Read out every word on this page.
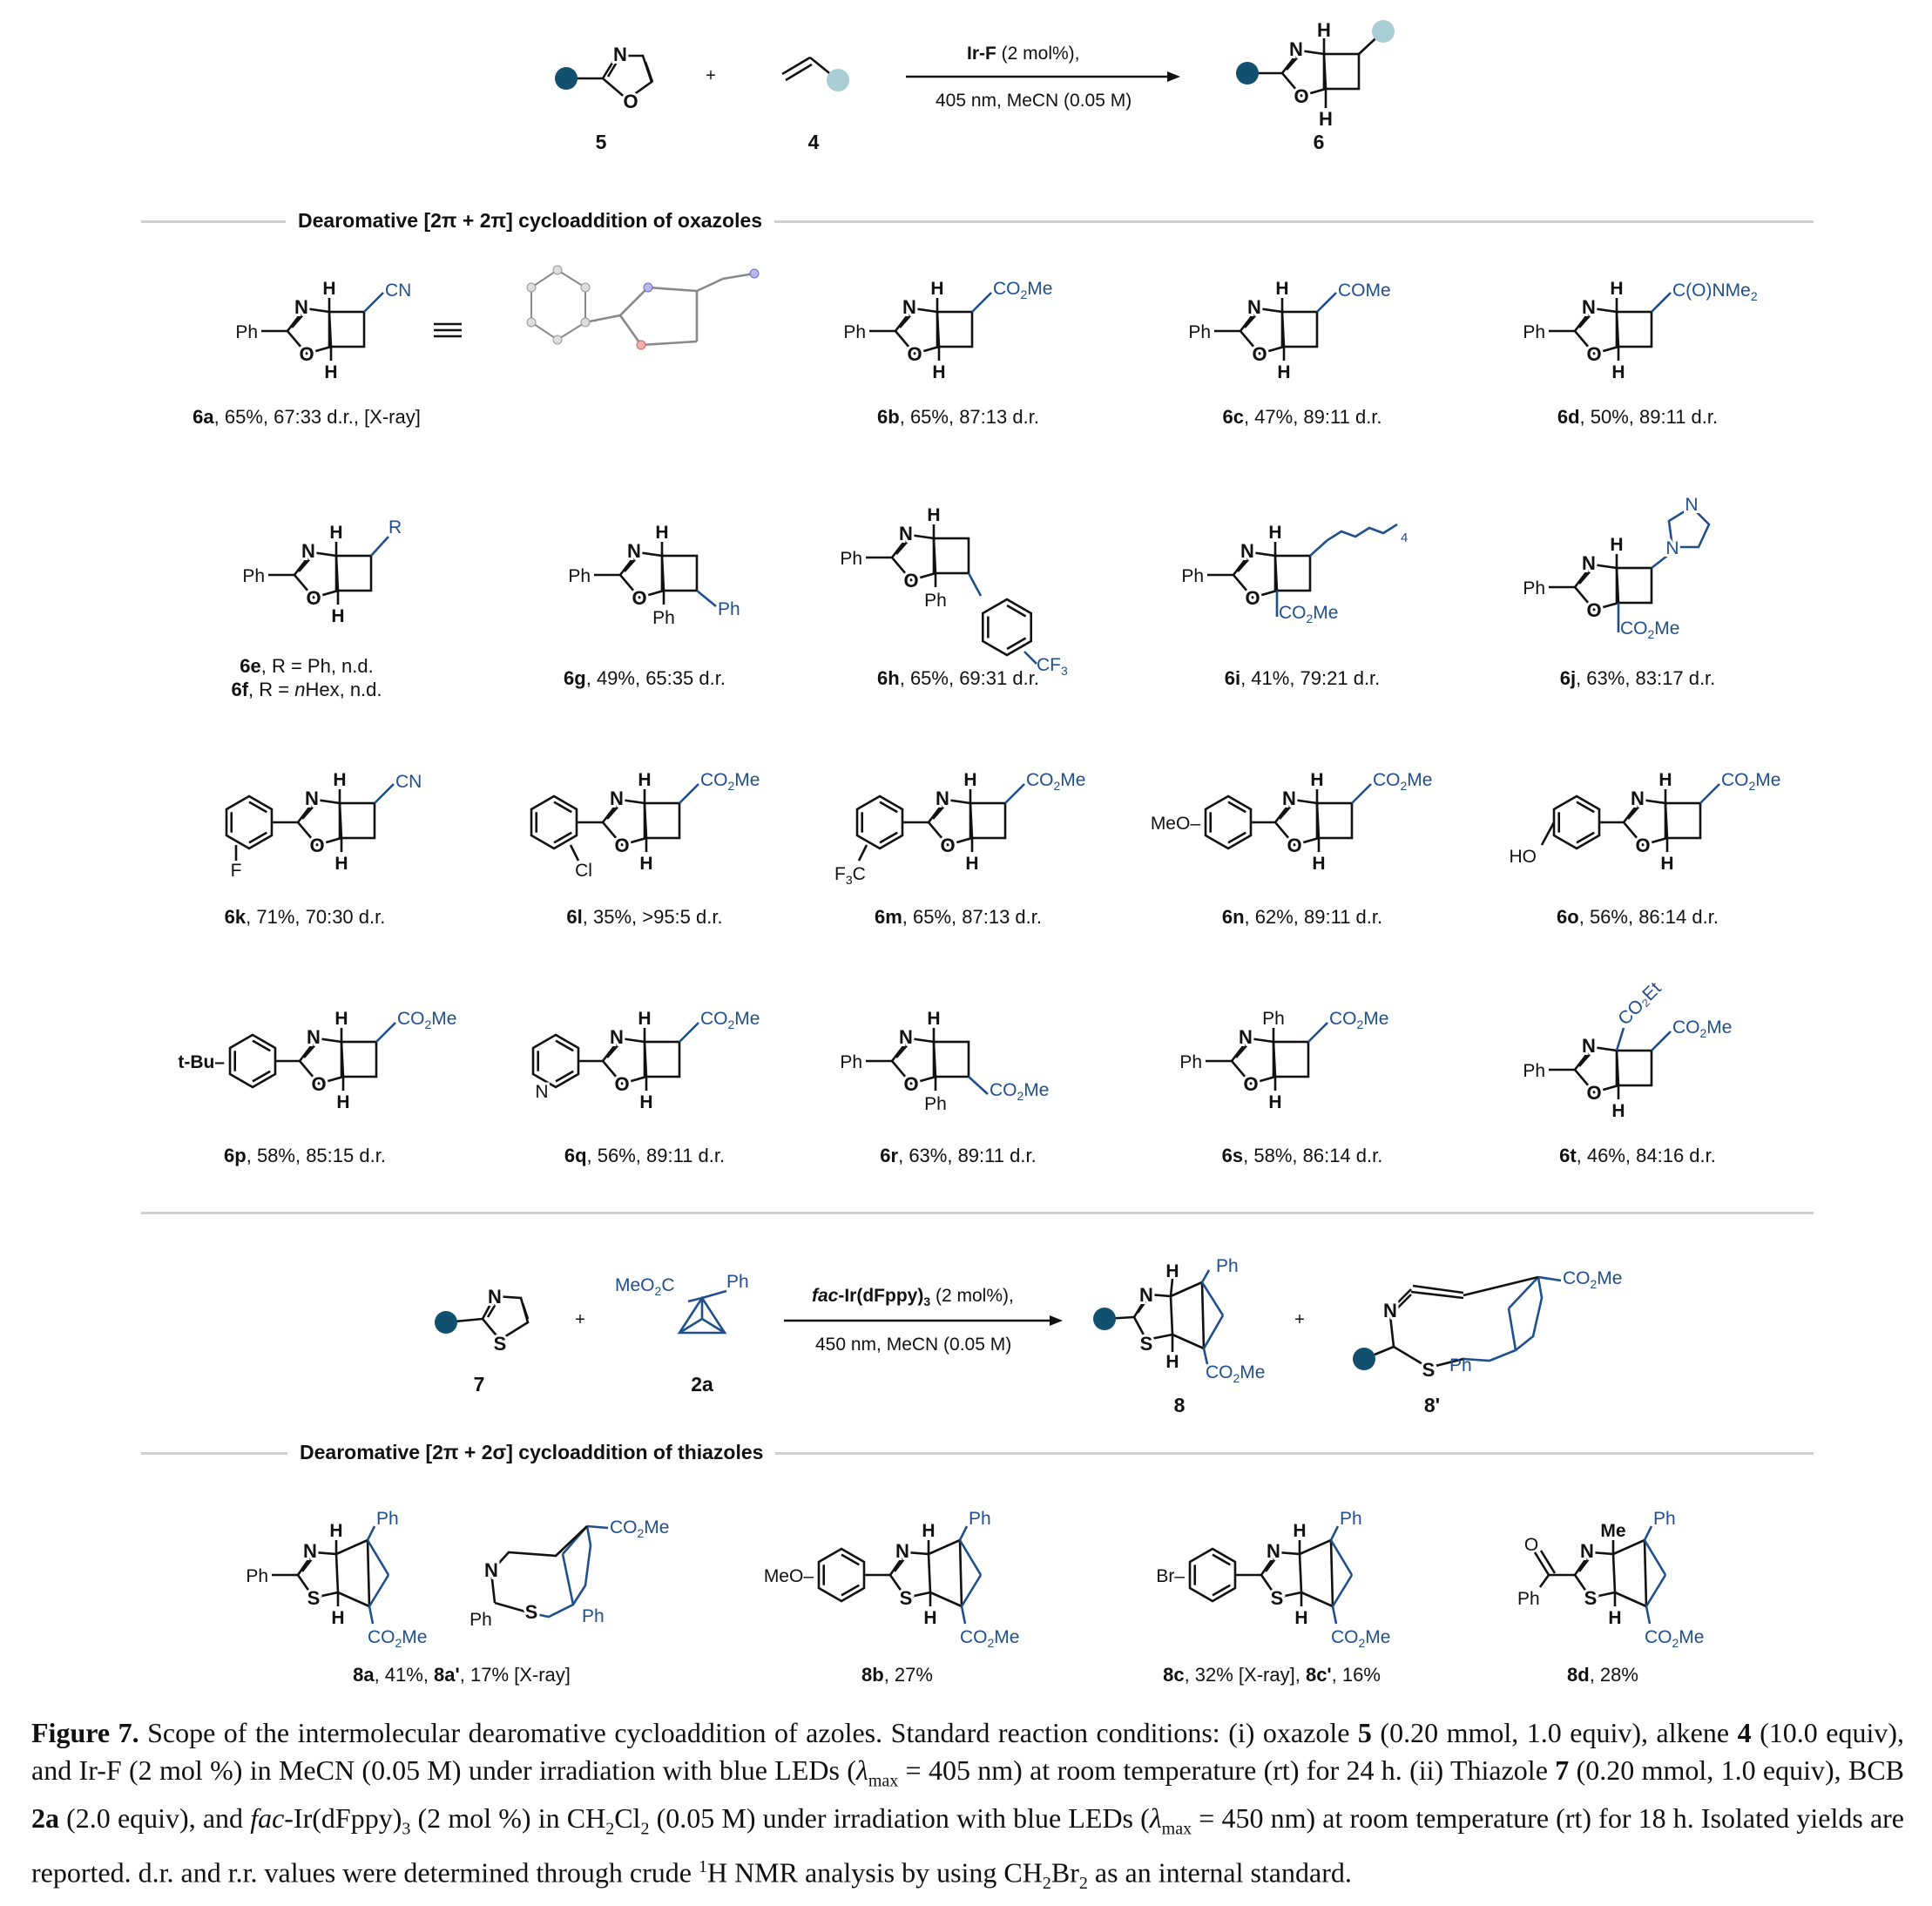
N
O
N
O
H
H
+
5	4	6
Ir-F (2 mol%),
405 nm, MeCN (0.05 M)
Dearomative [2π + 2π] cycloaddition of oxazoles
N
O
H
H
Ph
CN
N
O
H
H
Ph
$CO_2Me$
N
O
H
H
Ph
COMe
N
O
H
H
Ph
C(O)NMe$_2$
N
O
H
H
Ph
R
N
O
H
Ph
Ph Ph
N
O
H
Ph
Ph
$CF_3$
N
O
H
Ph
$CO_2Me$
4
N
O
H
Ph
$CO_2Me$
N
N
N
O
H
H
F
CN
N
O
H
H
Cl
$CO_2Me$
N
O
H
H
$F_3C$
$CO_2Me$
N
O
H
H
MeO–
$CO_2Me$
N
O
H
H
HO
$CO_2Me$
N
O
H
H
t-Bu–
$CO_2Me$
N
O
H
H
N
$CO_2Me$
N
O
H
Ph
Ph
$CO_2Me$
N
O
Ph
H
Ph
$CO_2Me$
N
O
H
Ph
$CO_2Me$
CO₂Et
6a, 65%, 67:33 d.r., [X-ray]	6b, 65%, 87:13 d.r.	6c, 47%, 89:11 d.r.	6d, 50%, 89:11 d.r.
6e, R = Ph, n.d.
6f, R = nHex, n.d.
6g, 49%, 65:35 d.r.	6h, 65%, 69:31 d.r.	6i, 41%, 79:21 d.r.	6j, 63%, 83:17 d.r.
6k, 71%, 70:30 d.r.	6l, 35%, >95:5 d.r.	6m, 65%, 87:13 d.r.	6n, 62%, 89:11 d.r.	6o, 56%, 86:14 d.r.
6p, 58%, 85:15 d.r.	6q, 56%, 89:11 d.r.	6r, 63%, 89:11 d.r.	6s, 58%, 86:14 d.r.	6t, 46%, 84:16 d.r.
N
S
N
S
H
H
Ph
$CO_2Me$
Ph
MeO$_2$C
N
S Ph
$CO_2Me$
+	+
7	2a
8	8'
fac-$Ir(dFppy)_3$ (2 mol%),
450 nm, MeCN (0.05 M)
Dearomative [2π + 2σ] cycloaddition of thiazoles
N
S
H
H
Ph
$CO_2Me$
Ph
$CO_2Me$
N
S
Ph	Ph
N
S
H
H
Ph
$CO_2Me$
MeO–
N
S
H
H
Ph
$CO_2Me$
Br–
N
S
Me
H
Ph
$CO_2Me$
O
Ph
8a, 41%, 8a', 17% [X-ray]	8b, 27%	8c, 32% [X-ray], 8c', 16%	8d, 28%
Figure 7. Scope of the intermolecular dearomative cycloaddition of azoles. Standard reaction conditions: (i) oxazole 5 (0.20 mmol, 1.0 equiv), alkene 4 (10.0 equiv), and Ir-F (2 mol %) in MeCN (0.05 M) under irradiation with blue LEDs ($\lambda_{max} = 405$ nm) at room temperature (rt) for 24 h. (ii) Thiazole 7 (0.20 mmol, 1.0 equiv), BCB 2a (2.0 equiv), and fac-$Ir(dFppy)_3$ (2 mol %) in $CH_2Cl_2$ (0.05 M) under irradiation with blue LEDs ($\lambda_{max} = 450$ nm) at room temperature (rt) for 18 h. Isolated yields are reported. d.r. and r.r. values were determined through crude $^1$H NMR analysis by using $CH_2Br_2$ as an internal standard.
